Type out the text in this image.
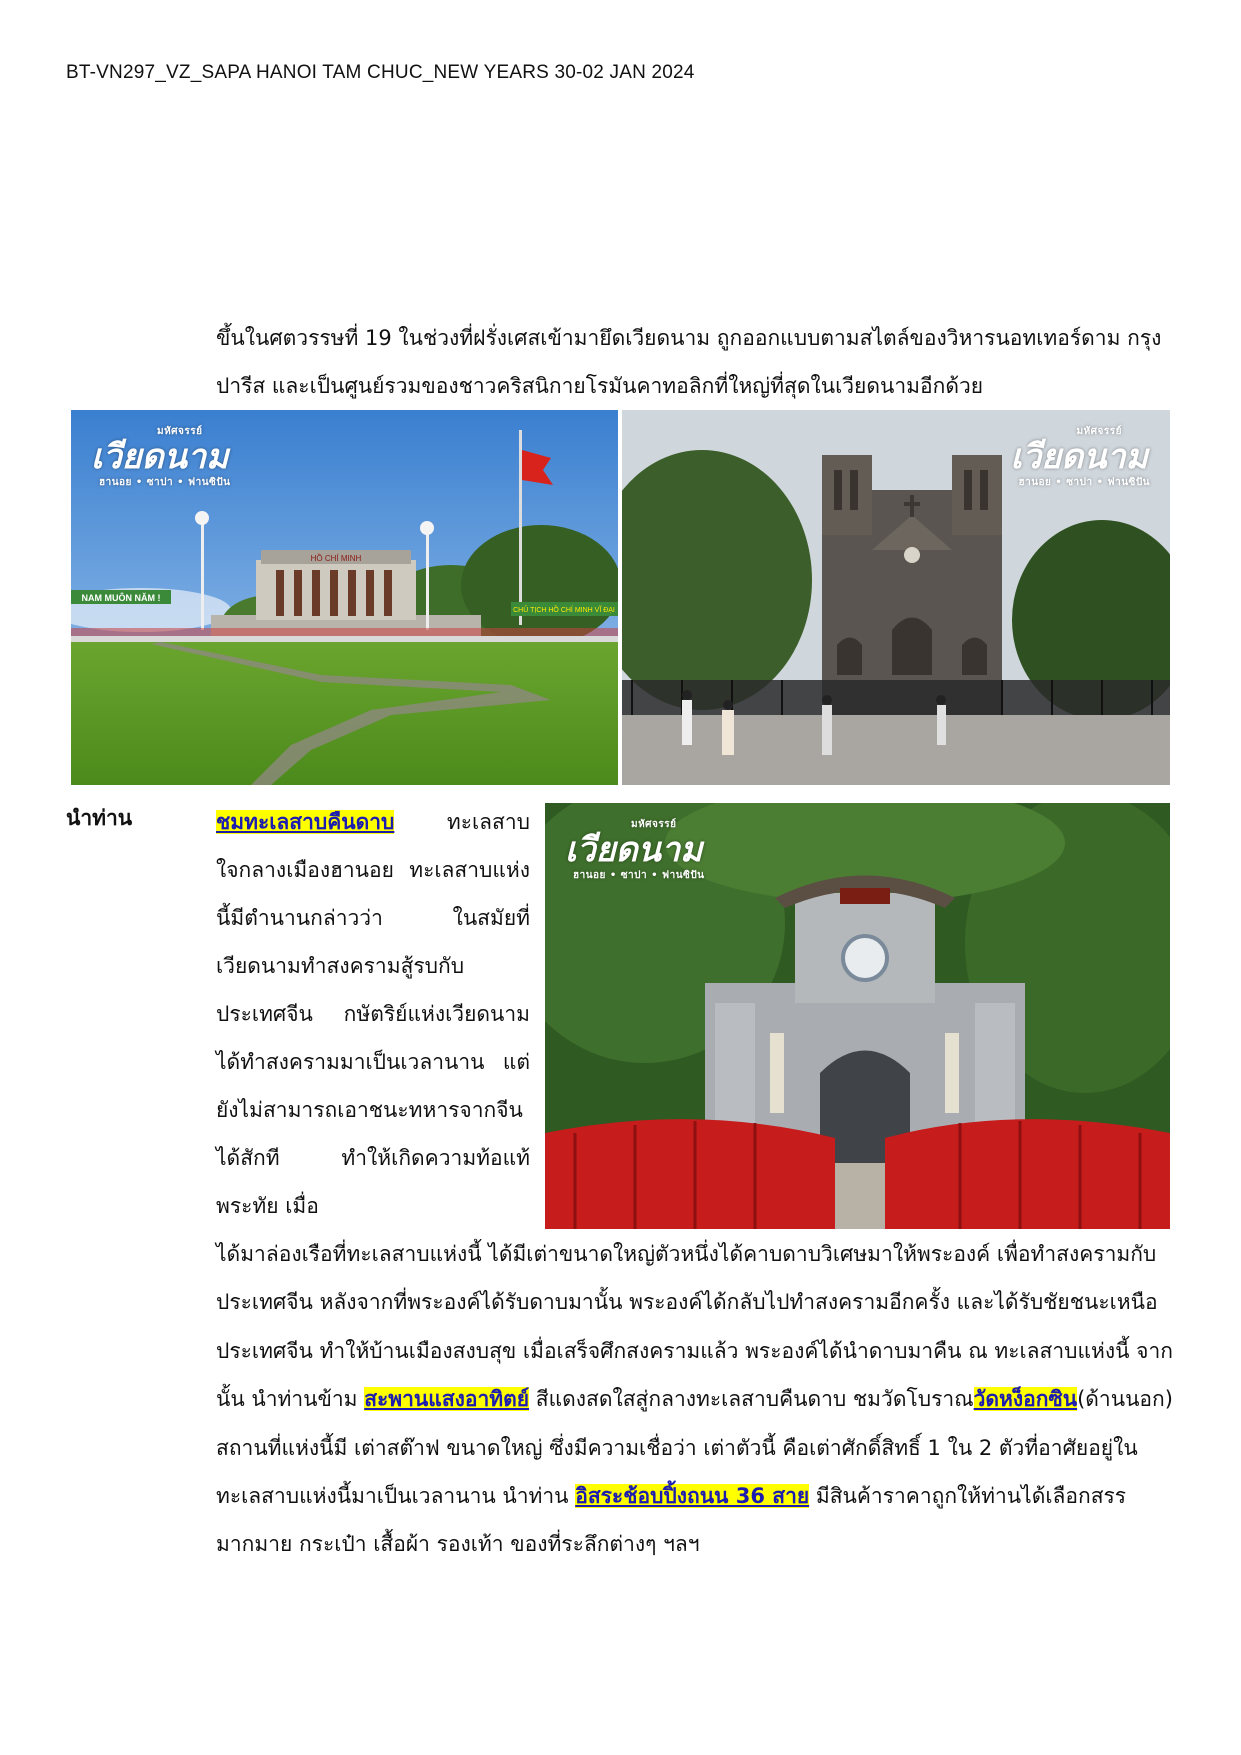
BT-VN297_VZ_SAPA HANOI TAM CHUC_NEW YEARS 30-02 JAN 2024
ขึ้นในศตวรรษที่ 19 ในช่วงที่ฝรั่งเศสเข้ามายึดเวียดนาม ถูกออกแบบตามสไตล์ของวิหารนอทเทอร์ดาม กรุงปารีส และเป็นศูนย์รวมของชาวคริสนิกายโรมันคาทอลิกที่ใหญ่ที่สุดในเวียดนามอีกด้วย
HỒ CHÍ MINH
NAM MUÔN NĂM !
CHỦ TỊCH HỒ CHÍ MINH VĨ ĐẠI
มหัศจรรย์
เวียดนาม
ฮานอย • ซาปา • ฟานซิปัน
มหัศจรรย์
เวียดนาม
ฮานอย • ซาปา • ฟานซิปัน
นำท่าน	ชมทะเลสาบคืนดาบ ทะเลสาบใจกลางเมืองฮานอย ทะเลสาบแห่งนี้มีตำนานกล่าวว่า ในสมัยที่เวียดนามทำสงครามสู้รบกับประเทศจีน กษัตริย์แห่งเวียดนามได้ทำสงครามมาเป็นเวลานาน แต่ยังไม่สามารถเอาชนะทหารจากจีนได้สักที ทำให้เกิดความท้อแท้พระทัย เมื่อ
มหัศจรรย์
เวียดนาม
ฮานอย • ซาปา • ฟานซิปัน
ได้มาล่องเรือที่ทะเลสาบแห่งนี้ ได้มีเต่าขนาดใหญ่ตัวหนึ่งได้คาบดาบวิเศษมาให้พระองค์ เพื่อทำสงครามกับประเทศจีน หลังจากที่พระองค์ได้รับดาบมานั้น พระองค์ได้กลับไปทำสงครามอีกครั้ง และได้รับชัยชนะเหนือประเทศจีน ทำให้บ้านเมืองสงบสุข เมื่อเสร็จศึกสงครามแล้ว พระองค์ได้นำดาบมาคืน ณ ทะเลสาบแห่งนี้ จากนั้น นำท่านข้าม สะพานแสงอาทิตย์ สีแดงสดใสสู่กลางทะเลสาบคืนดาบ ชมวัดโบราณวัดหง็อกซิน(ด้านนอก) สถานที่แห่งนี้มี เต่าสต๊าฟ ขนาดใหญ่ ซึ่งมีความเชื่อว่า เต่าตัวนี้ คือเต่าศักดิ์สิทธิ์ 1 ใน 2 ตัวที่อาศัยอยู่ในทะเลสาบแห่งนี้มาเป็นเวลานาน นำท่าน อิสระช้อบปิ้งถนน 36 สาย มีสินค้าราคาถูกให้ท่านได้เลือกสรรมากมาย กระเป๋า เสื้อผ้า รองเท้า ของที่ระลึกต่างๆ ฯลฯ
